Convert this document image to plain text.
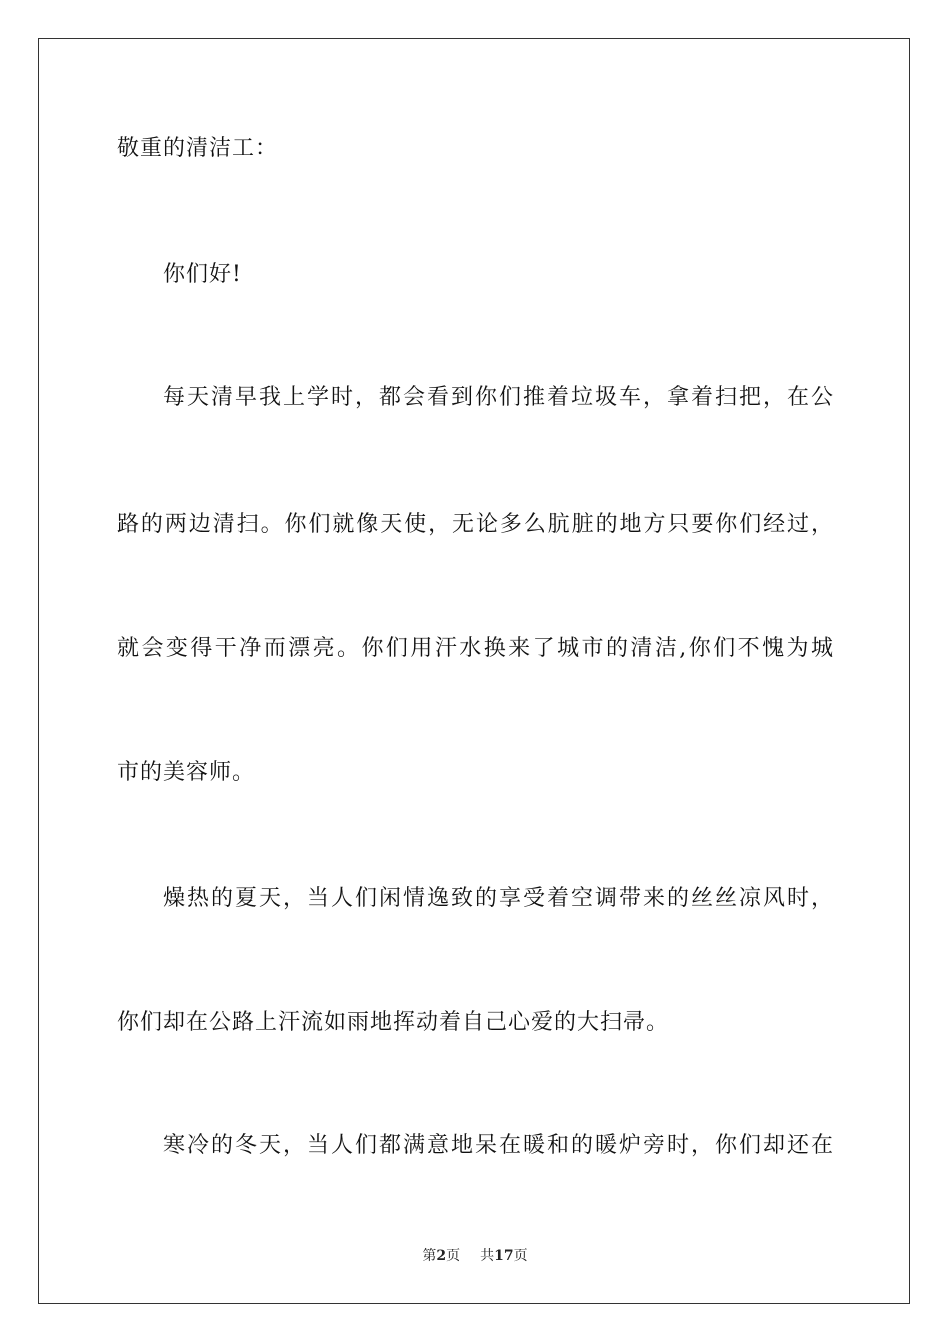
敬重的清洁工：
你们好!
每天清早我上学时，都会看到你们推着垃圾车，拿着扫把，在公
路的两边清扫。你们就像天使，无论多么肮脏的地方只要你们经过，
就会变得干净而漂亮。你们用汗水换来了城市的清洁,你们不愧为城
市的美容师。
燥热的夏天，当人们闲情逸致的享受着空调带来的丝丝凉风时，
你们却在公路上汗流如雨地挥动着自己心爱的大扫帚。
寒冷的冬天，当人们都满意地呆在暖和的暖炉旁时，你们却还在
第2页 共17页
